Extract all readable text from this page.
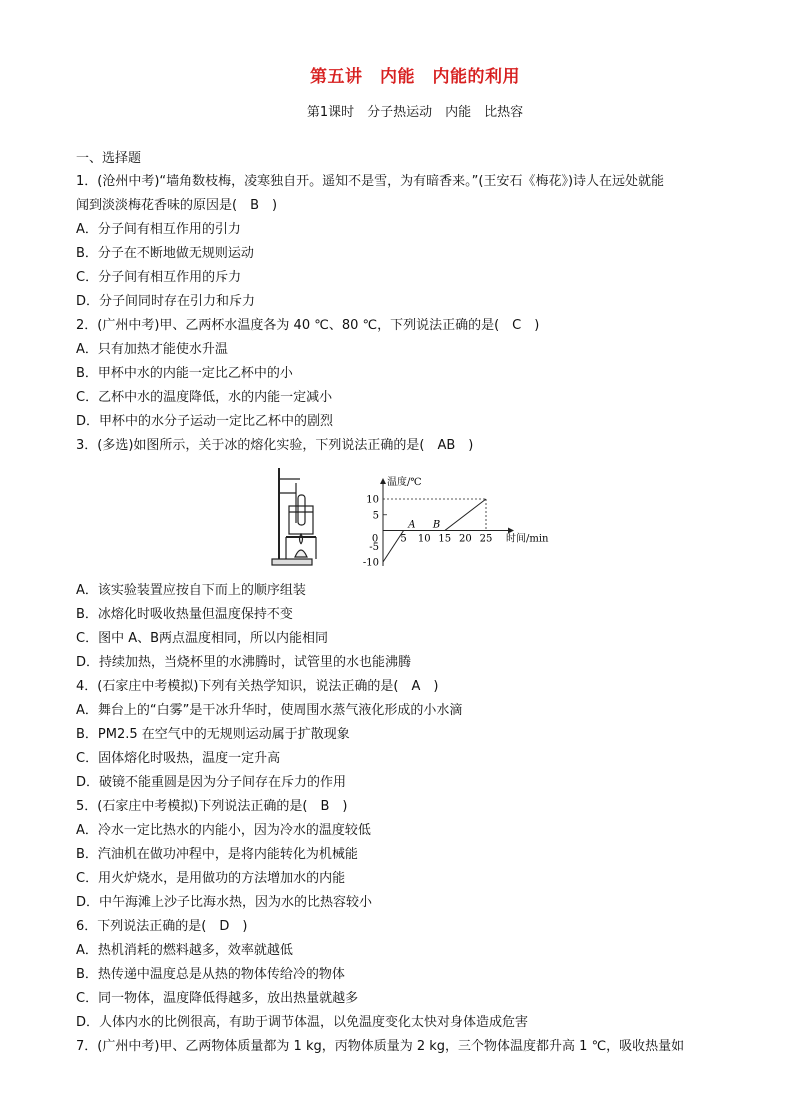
第五讲　内能　内能的利用
第1课时　分子热运动　内能　比热容
一、选择题
1．(沧州中考)“墙角数枝梅，凌寒独自开。遥知不是雪，为有暗香来。”(王安石《梅花》)诗人在远处就能
闻到淡淡梅花香味的原因是(　B　)
A．分子间有相互作用的引力
B．分子在不断地做无规则运动
C．分子间有相互作用的斥力
D．分子间同时存在引力和斥力
2．(广州中考)甲、乙两杯水温度各为 40 ℃、80 ℃，下列说法正确的是(　C　)
A．只有加热才能使水升温
B．甲杯中水的内能一定比乙杯中的小
C．乙杯中水的温度降低，水的内能一定减小
D．甲杯中的水分子运动一定比乙杯中的剧烈
3．(多选)如图所示，关于冰的熔化实验，下列说法正确的是(　AB　)
温度/℃
时间/min
0 5 10 15 20 25
10
5
-5
-10
A B
A．该实验装置应按自下而上的顺序组装
B．冰熔化时吸收热量但温度保持不变
C．图中 A、B两点温度相同，所以内能相同
D．持续加热，当烧杯里的水沸腾时，试管里的水也能沸腾
4．(石家庄中考模拟)下列有关热学知识，说法正确的是(　A　)
A．舞台上的“白雾”是干冰升华时，使周围水蒸气液化形成的小水滴
B．PM2.5 在空气中的无规则运动属于扩散现象
C．固体熔化时吸热，温度一定升高
D．破镜不能重圆是因为分子间存在斥力的作用
5．(石家庄中考模拟)下列说法正确的是(　B　)
A．冷水一定比热水的内能小，因为冷水的温度较低
B．汽油机在做功冲程中，是将内能转化为机械能
C．用火炉烧水，是用做功的方法增加水的内能
D．中午海滩上沙子比海水热，因为水的比热容较小
6．下列说法正确的是(　D　)
A．热机消耗的燃料越多，效率就越低
B．热传递中温度总是从热的物体传给冷的物体
C．同一物体，温度降低得越多，放出热量就越多
D．人体内水的比例很高，有助于调节体温，以免温度变化太快对身体造成危害
7．(广州中考)甲、乙两物体质量都为 1 kg，丙物体质量为 2 kg，三个物体温度都升高 1 ℃，吸收热量如
